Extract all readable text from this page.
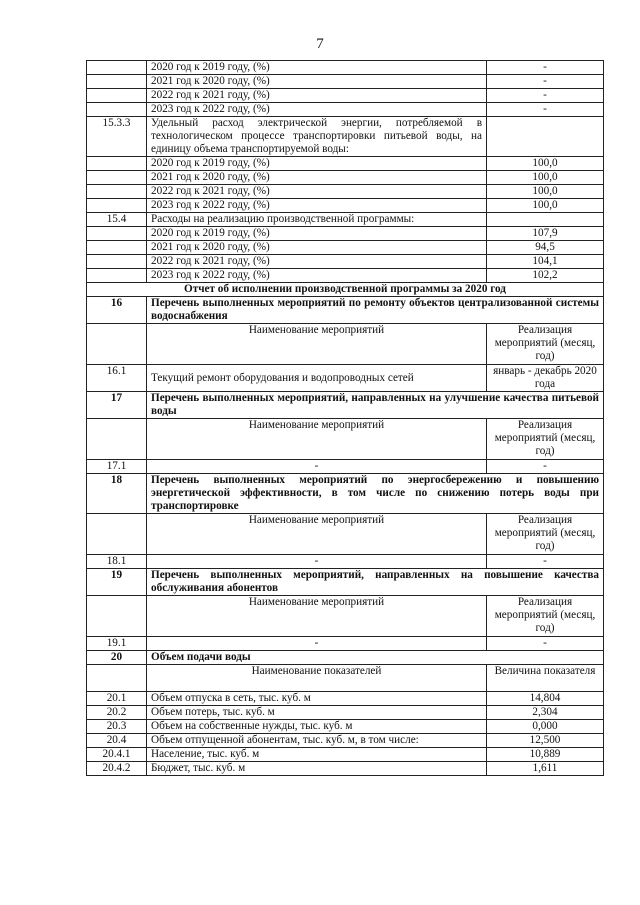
7
	2020 год к 2019 году, (%)	-
	2021 год к 2020 году, (%)	-
	2022 год к 2021 году, (%)	-
	2023 год к 2022 году, (%)	-
15.3.3	Удельный расход электрической энергии, потребляемой в технологическом процессе транспортировки питьевой воды, на единицу объема транспортируемой воды:	
	2020 год к 2019 году, (%)	100,0
	2021 год к 2020 году, (%)	100,0
	2022 год к 2021 году, (%)	100,0
	2023 год к 2022 году, (%)	100,0
15.4	Расходы на реализацию производственной программы:	
	2020 год к 2019 году, (%)	107,9
	2021 год к 2020 году, (%)	94,5
	2022 год к 2021 году, (%)	104,1
	2023 год к 2022 году, (%)	102,2
Отчет об исполнении производственной программы за 2020 год		
16	Перечень выполненных мероприятий по ремонту объектов централизованной системы водоснабжения	
	Наименование мероприятий	Реализация мероприятий (месяц, год)
16.1	Текущий ремонт оборудования и водопроводных сетей	январь - декабрь 2020 года
17	Перечень выполненных мероприятий, направленных на улучшение качества питьевой воды	
	Наименование мероприятий	Реализация мероприятий (месяц, год)
17.1	-	-
18	Перечень выполненных мероприятий по энергосбережению и повышению энергетической эффективности, в том числе по снижению потерь воды при транспортировке	
	Наименование мероприятий	Реализация мероприятий (месяц, год)
18.1	-	-
19	Перечень выполненных мероприятий, направленных на повышение качества обслуживания абонентов	
	Наименование мероприятий	Реализация мероприятий (месяц, год)
19.1	-	-
20	Объем подачи воды	
	Наименование показателей	Величина показателя
20.1	Объем отпуска в сеть, тыс. куб. м	14,804
20.2	Объем потерь, тыс. куб. м	2,304
20.3	Объем на собственные нужды, тыс. куб. м	0,000
20.4	Объем отпущенной абонентам, тыс. куб. м, в том числе:	12,500
20.4.1	Население, тыс. куб. м	10,889
20.4.2	Бюджет, тыс. куб. м	1,611
